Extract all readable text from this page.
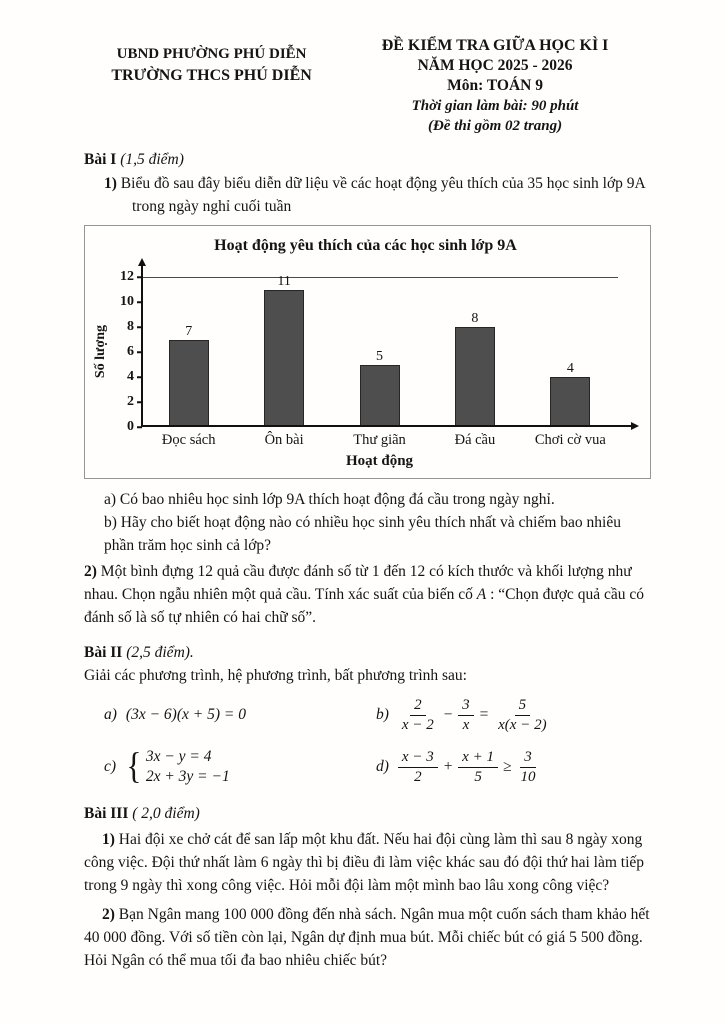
UBND PHƯỜNG PHÚ DIỄN
TRƯỜNG THCS PHÚ DIỄN
ĐỀ KIỂM TRA GIỮA HỌC KÌ I
NĂM HỌC 2025 - 2026
Môn: TOÁN 9
Thời gian làm bài: 90 phút
(Đề thi gồm 02 trang)

Bài I (1,5 điểm)

1) Biểu đồ sau đây biểu diễn dữ liệu về các hoạt động yêu thích của 35 học sinh lớp 9A trong ngày nghỉ cuối tuần

Hoạt động yêu thích của các học sinh lớp 9A
Số lượng
0
2
4
6
8
10
12
7
11
5
8
4
Đọc sách	Ôn bài	Thư giãn	Đá cầu	Chơi cờ vua
Hoạt động

a) Có bao nhiêu học sinh lớp 9A thích hoạt động đá cầu trong ngày nghỉ.

b) Hãy cho biết hoạt động nào có nhiều học sinh yêu thích nhất và chiếm bao nhiêu phần trăm học sinh cả lớp?

2) Một bình đựng 12 quả cầu được đánh số từ 1 đến 12 có kích thước và khối lượng như nhau. Chọn ngẫu nhiên một quả cầu. Tính xác suất của biến cố A : “Chọn được quả cầu có đánh số là số tự nhiên có hai chữ số”.

Bài II (2,5 điểm).

Giải các phương trình, hệ phương trình, bất phương trình sau:

a) (3x − 6)(x + 5) = 0	$b) \frac{2}{x - 2} - \frac{3}{x} = \frac{5}{x(x - 2)}$
c)
{
3x − y = 4
2x + 3y = −1
$d) \frac{x - 3}{2} + \frac{x + 1}{5} \ge \frac{3}{10}$

Bài III ( 2,0 điểm)

1) Hai đội xe chở cát để san lấp một khu đất. Nếu hai đội cùng làm thì sau 8 ngày xong công việc. Đội thứ nhất làm 6 ngày thì bị điều đi làm việc khác sau đó đội thứ hai làm tiếp trong 9 ngày thì xong công việc. Hỏi mỗi đội làm một mình bao lâu xong công việc?

2) Bạn Ngân mang 100 000 đồng đến nhà sách. Ngân mua một cuốn sách tham khảo hết 40 000 đồng. Với số tiền còn lại, Ngân dự định mua bút. Mỗi chiếc bút có giá 5 500 đồng. Hỏi Ngân có thể mua tối đa bao nhiêu chiếc bút?
